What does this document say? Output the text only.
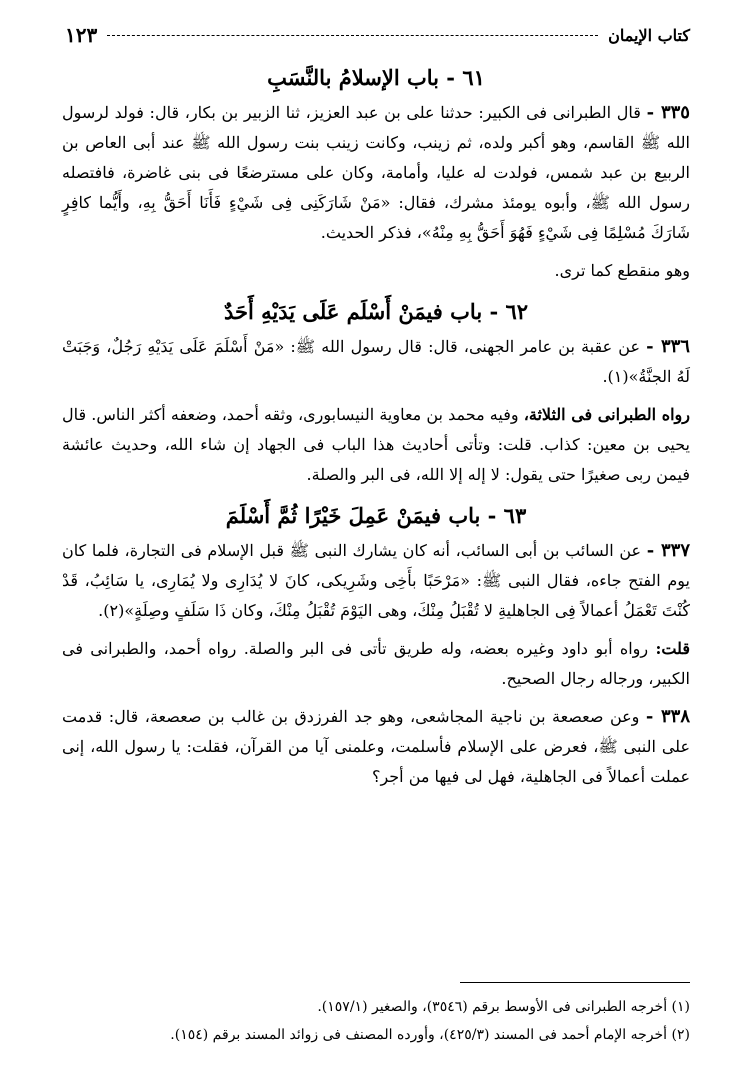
كتاب الإيمان
١٢٣
٦١ - باب الإسلامُ بالنَّسَبِ

٣٣٥ - قال الطبرانى فى الكبير: حدثنا على بن عبد العزيز، ثنا الزبير بن بكار، قال: فولد لرسول الله ﷺ القاسم، وهو أكبر ولده، ثم زينب، وكانت زينب بنت رسول الله ﷺ عند أبى العاص بن الربيع بن عبد شمس، فولدت له عليا، وأمامة، وكان على مسترضعًا فى بنى غاضرة، فافتصله رسول الله ﷺ، وأبوه يومئذ مشرك، فقال: «مَنْ شَارَكَنِى فِى شَيْءٍ فَأَنَا أَحَقُّ بِهِ، وأَيُّما كافِرٍ شَارَكَ مُسْلِمًا فِى شَيْءٍ فَهُوَ أَحَقُّ بِهِ مِنْهُ»، فذكر الحديث.

وهو منقطع كما ترى.

٦٢ - باب فيمَنْ أَسْلَم عَلَى يَدَيْهِ أَحَدٌ

٣٣٦ - عن عقبة بن عامر الجهنى، قال: قال رسول الله ﷺ: «مَنْ أَسْلَمَ عَلَى يَدَيْهِ رَجُلٌ، وَجَبَتْ لَهُ الجنَّةُ»(١).

رواه الطبرانى فى الثلاثة، وفيه محمد بن معاوية النيسابورى، وثقه أحمد، وضعفه أكثر الناس. قال يحيى بن معين: كذاب. قلت: وتأتى أحاديث هذا الباب فى الجهاد إن شاء الله، وحديث عائشة فيمن ربى صغيرًا حتى يقول: لا إله إلا الله، فى البر والصلة.

٦٣ - باب فيمَنْ عَمِلَ خَيْرًا ثُمَّ أَسْلَمَ

٣٣٧ - عن السائب بن أبى السائب، أنه كان يشارك النبى ﷺ قبل الإسلام فى التجارة، فلما كان يوم الفتح جاءه، فقال النبى ﷺ: «مَرْحَبًا بأَخِى وشَرِيكى، كانَ لا يُدَارِى ولا يُمَارِى، يا سَائِبُ، قَدْ كُنْتَ تَعْمَلُ أعمالاً فِى الجاهليةِ لا تُقْبَلُ مِنْكَ، وهى اليَوْمَ تُقْبَلُ مِنْكَ، وكان ذَا سَلَفٍ وصِلَةٍ»(٢).

قلت: رواه أبو داود وغيره بعضه، وله طريق تأتى فى البر والصلة. رواه أحمد، والطبرانى فى الكبير، ورجاله رجال الصحيح.

٣٣٨ - وعن صعصعة بن ناجية المجاشعى، وهو جد الفرزدق بن غالب بن صعصعة، قال: قدمت على النبى ﷺ، فعرض على الإسلام فأسلمت، وعلمنى آيا من القرآن، فقلت: يا رسول الله، إنى عملت أعمالاً فى الجاهلية، فهل لى فيها من أجر؟

(١) أخرجه الطبرانى فى الأوسط برقم (٣٥٤٦)، والصغير (١٥٧/١).
(٢) أخرجه الإمام أحمد فى المسند (٤٢٥/٣)، وأورده المصنف فى زوائد المسند برقم (١٥٤).
